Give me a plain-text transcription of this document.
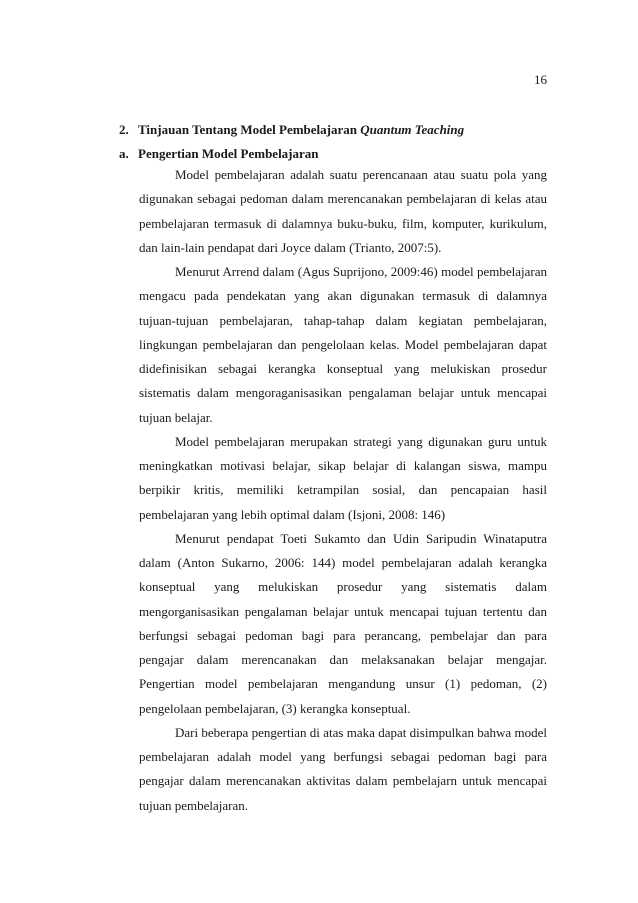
16
2. Tinjauan Tentang Model Pembelajaran Quantum Teaching
a. Pengertian Model Pembelajaran

Model pembelajaran adalah suatu perencanaan atau suatu pola yang digunakan sebagai pedoman dalam merencanakan pembelajaran di kelas atau pembelajaran termasuk di dalamnya buku-buku, film, komputer, kurikulum, dan lain-lain pendapat dari Joyce dalam (Trianto, 2007:5).

Menurut Arrend dalam (Agus Suprijono, 2009:46) model pembelajaran mengacu pada pendekatan yang akan digunakan termasuk di dalamnya tujuan-tujuan pembelajaran, tahap-tahap dalam kegiatan pembelajaran, lingkungan pembelajaran dan pengelolaan kelas. Model pembelajaran dapat didefinisikan sebagai kerangka konseptual yang melukiskan prosedur sistematis dalam mengoraganisasikan pengalaman belajar untuk mencapai tujuan belajar.

Model pembelajaran merupakan strategi yang digunakan guru untuk meningkatkan motivasi belajar, sikap belajar di kalangan siswa, mampu berpikir kritis, memiliki ketrampilan sosial, dan pencapaian hasil pembelajaran yang lebih optimal dalam (Isjoni, 2008: 146)

Menurut pendapat Toeti Sukamto dan Udin Saripudin Winataputra dalam (Anton Sukarno, 2006: 144) model pembelajaran adalah kerangka konseptual yang melukiskan prosedur yang sistematis dalam mengorganisasikan pengalaman belajar untuk mencapai tujuan tertentu dan berfungsi sebagai pedoman bagi para perancang, pembelajar dan para pengajar dalam merencanakan dan melaksanakan belajar mengajar. Pengertian model pembelajaran mengandung unsur (1) pedoman, (2) pengelolaan pembelajaran, (3) kerangka konseptual.

Dari beberapa pengertian di atas maka dapat disimpulkan bahwa model pembelajaran adalah model yang berfungsi sebagai pedoman bagi para pengajar dalam merencanakan aktivitas dalam pembelajarn untuk mencapai tujuan pembelajaran.
